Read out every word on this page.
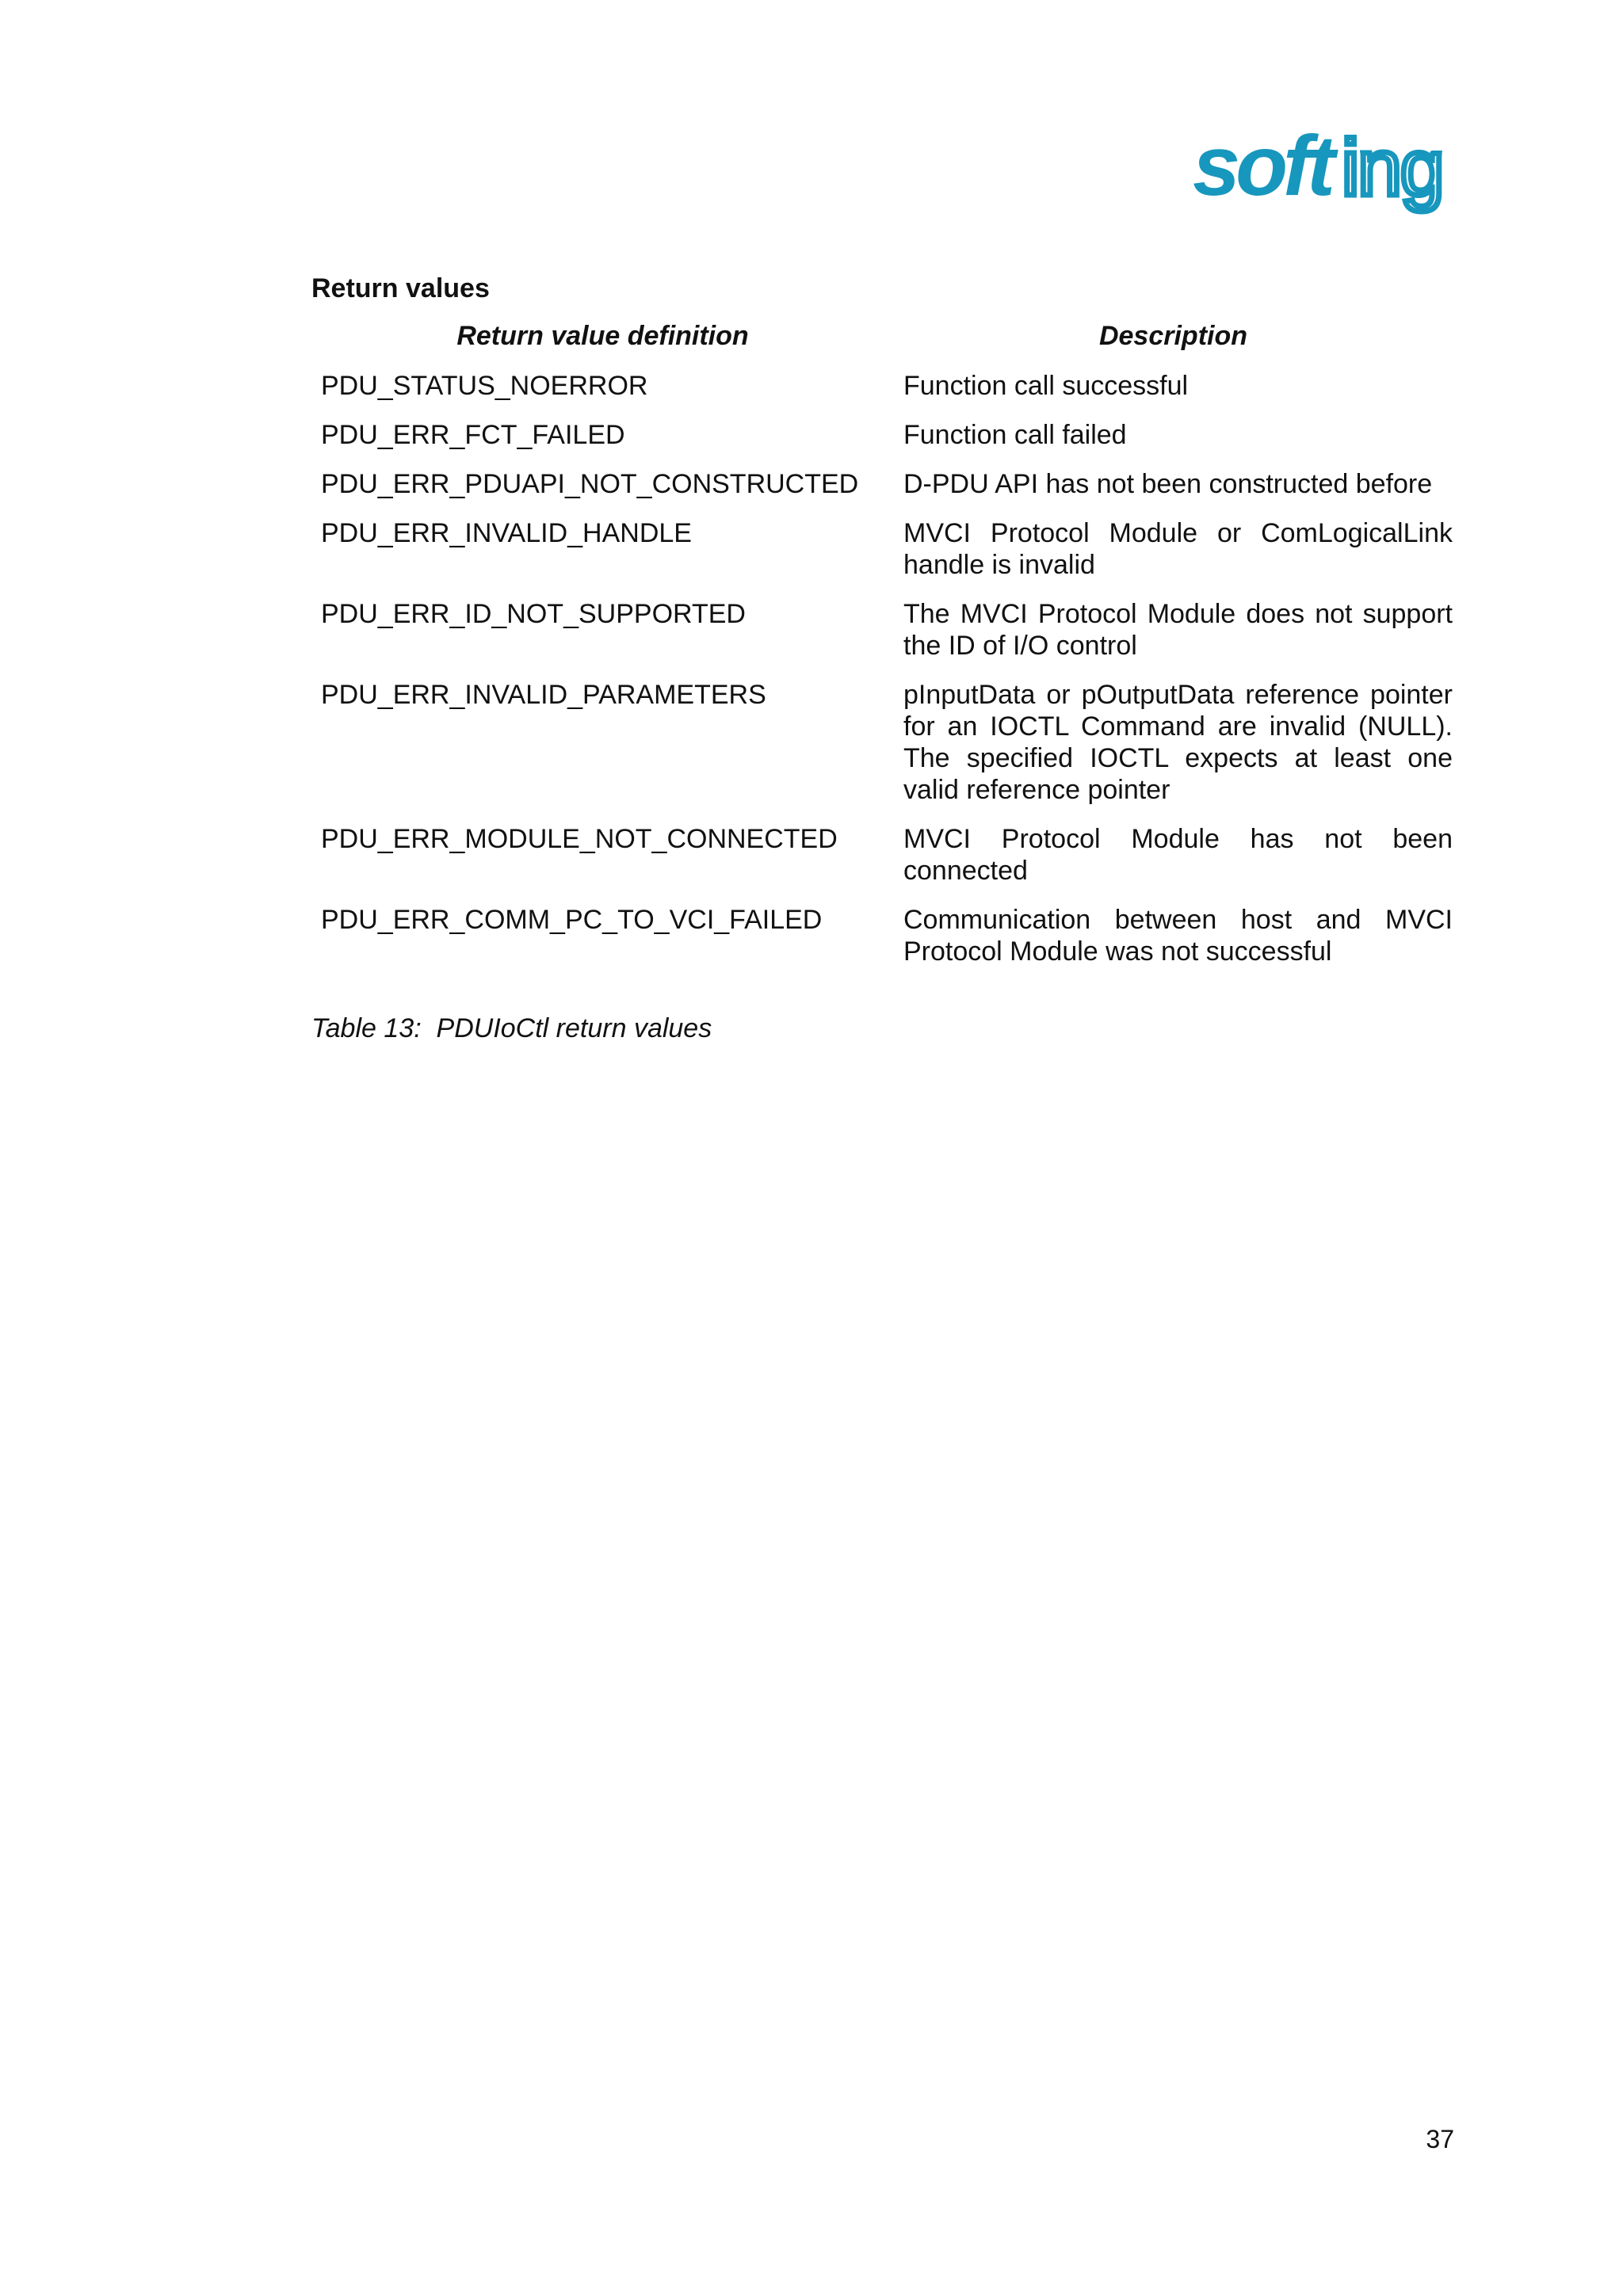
soft ing
Return values
Return value definition	Description
PDU_STATUS_NOERROR	Function call successful
PDU_ERR_FCT_FAILED	Function call failed
PDU_ERR_PDUAPI_NOT_CONSTRUCTED	D-PDU API has not been constructed before
PDU_ERR_INVALID_HANDLE	MVCI Protocol Module or ComLogicalLink handle is invalid
PDU_ERR_ID_NOT_SUPPORTED	The MVCI Protocol Module does not support the ID of I/O control
PDU_ERR_INVALID_PARAMETERS	pInputData or pOutputData reference pointer for an IOCTL Command are invalid (NULL). The specified IOCTL expects at least one valid reference pointer
PDU_ERR_MODULE_NOT_CONNECTED	MVCI Protocol Module has not been connected
PDU_ERR_COMM_PC_TO_VCI_FAILED	Communication between host and MVCI Protocol Module was not successful
Table 13:  PDUIoCtl return values
37
